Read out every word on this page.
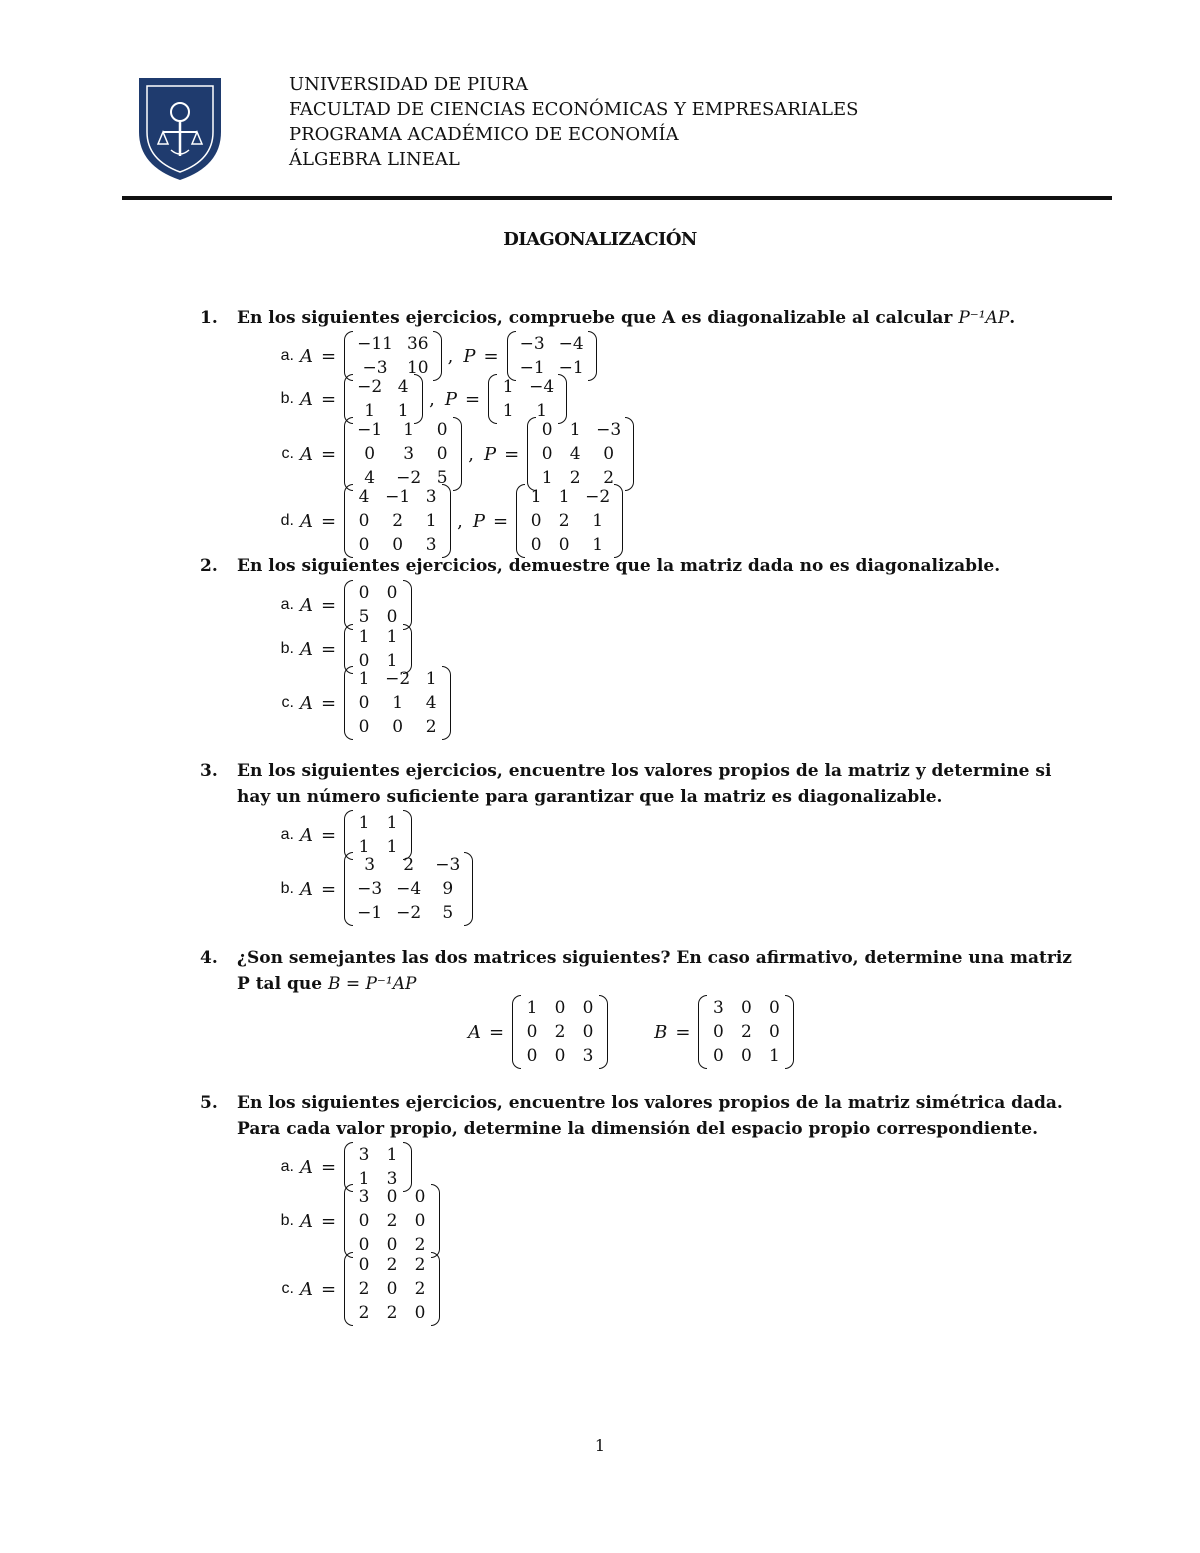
UNIVERSIDAD DE PIURA
FACULTAD DE CIENCIAS ECONÓMICAS Y EMPRESARIALES
PROGRAMA ACADÉMICO DE ECONOMÍA
ÁLGEBRA LINEAL
DIAGONALIZACIÓN
1. En los siguientes ejercicios, compruebe que A es diagonalizable al calcular P⁻¹AP.
2. En los siguientes ejercicios, demuestre que la matriz dada no es diagonalizable.
3. En los siguientes ejercicios, encuentre los valores propios de la matriz y determine si
hay un número suficiente para garantizar que la matriz es diagonalizable.
4. ¿Son semejantes las dos matrices siguientes? En caso afirmativo, determine una matriz
P tal que B = P⁻¹AP
5. En los siguientes ejercicios, encuentre los valores propios de la matriz simétrica dada.
Para cada valor propio, determine la dimensión del espacio propio correspondiente.
1
a. A =
−11 36
−3	10
, P =
−3 −4
−1 −1
b. A =
−2 4
1	1
, P =
1 −4
1	1
c. A =
−1	1	0
0	3	0
4	−2 5
, P =
0 1 −3
0 4	0
1 2	2
d. A =
4 −1 3
0	2	1
0	0	3
, P =
1 1 −2
0 2	1
0 0	1
a. A =
0 0
5 0
b. A =
1 1
0 1
c. A =
1 −2 1
0	1	4
0	0	2
a. A =
1 1
1 1
b. A =
3	2	−3
−3 −4	9
−1 −2	5
a. A =
3 1
1 3
b. A =
3 0 0
0 2 0
0 0 2
c. A =
0 2 2
2 0 2
2 2 0
A =
1 0 0
0 2 0
0 0 3
B =
3 0 0
0 2 0
0 0 1
